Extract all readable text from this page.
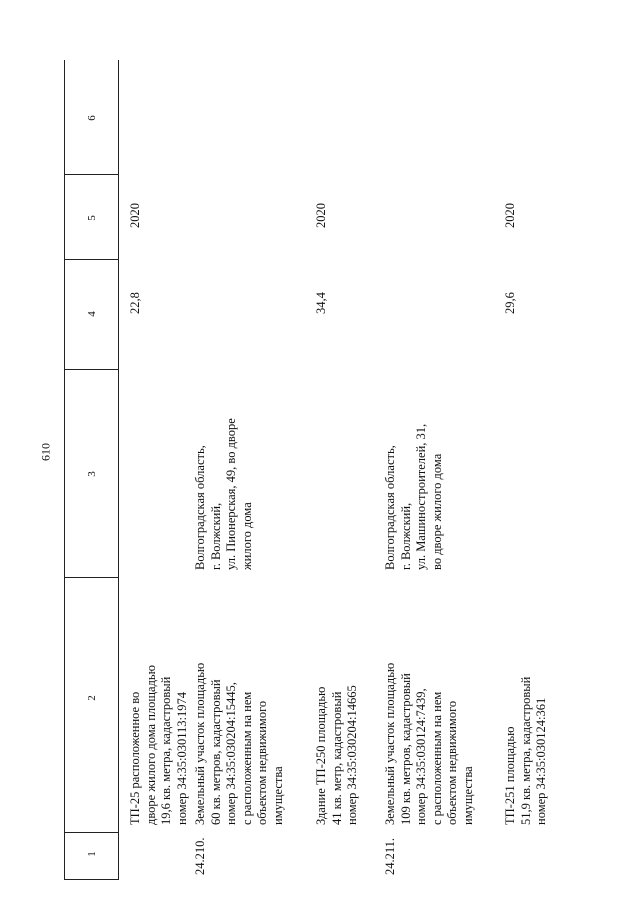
610
1
2
3
4
5
6
ТП-25 расположенное во дворе жилого дома площадью 19,6 кв. метра, кадастровый номер 34:35:030113:1974
22,8
2020
24.210.
Земельный участок площадью 60 кв. метров, кадастровый номер 34:35:030204:15445, с расположенным на нем объектом недвижимого имущества
Волгоградская область, г. Волжский, ул. Пионерская, 49, во дворе жилого дома
Здание ТП-250 площадью 41 кв. метр, кадастровый номер 34:35:030204:14665
34,4
2020
24.211.
Земельный участок площадью 109 кв. метров, кадастровый номер 34:35:030124:7439, с расположенным на нем объектом недвижимого имущества
Волгоградская область, г. Волжский, ул. Машиностроителей, 31, во дворе жилого дома
ТП-251 площадью 51,9 кв. метра, кадастровый номер 34:35:030124:361
29,6
2020
